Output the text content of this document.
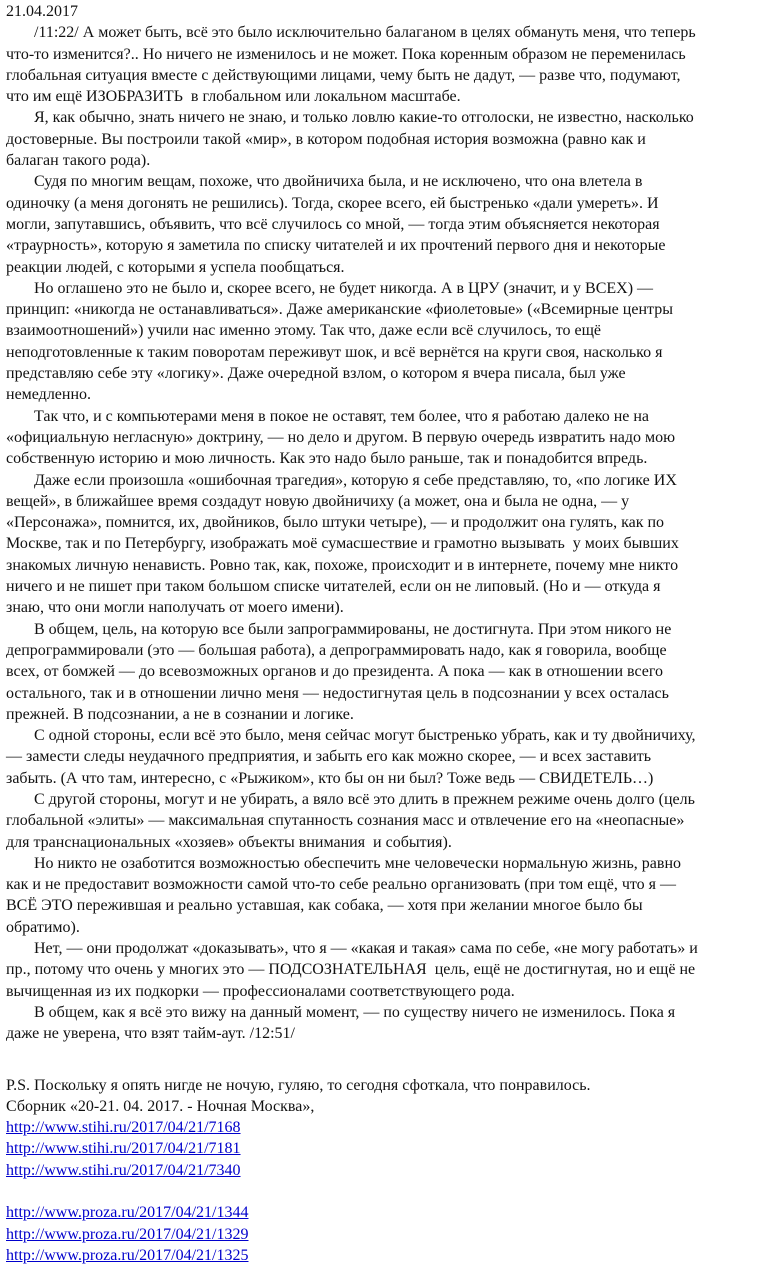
21.04.2017
/11:22/ А может быть, всё это было исключительно балаганом в целях обмануть меня, что теперь
что-то изменится?.. Но ничего не изменилось и не может. Пока коренным образом не переменилась
глобальная ситуация вместе с действующими лицами, чему быть не дадут, — разве что, подумают,
что им ещё ИЗОБРАЗИТЬ  в глобальном или локальном масштабе.
Я, как обычно, знать ничего не знаю, и только ловлю какие-то отголоски, не известно, насколько
достоверные. Вы построили такой «мир», в котором подобная история возможна (равно как и
балаган такого рода).
Судя по многим вещам, похоже, что двойничиха была, и не исключено, что она влетела в
одиночку (а меня догонять не решились). Тогда, скорее всего, ей быстренько «дали умереть». И
могли, запутавшись, объявить, что всё случилось со мной, — тогда этим объясняется некоторая
«траурность», которую я заметила по списку читателей и их прочтений первого дня и некоторые
реакции людей, с которыми я успела пообщаться.
Но оглашено это не было и, скорее всего, не будет никогда. А в ЦРУ (значит, и у ВСЕХ) —
принцип: «никогда не останавливаться». Даже американские «фиолетовые» («Всемирные центры
взаимоотношений») учили нас именно этому. Так что, даже если всё случилось, то ещё
неподготовленные к таким поворотам переживут шок, и всё вернётся на круги своя, насколько я
представляю себе эту «логику». Даже очередной взлом, о котором я вчера писала, был уже
немедленно.
Так что, и с компьютерами меня в покое не оставят, тем более, что я работаю далеко не на
«официальную негласную» доктрину, — но дело и другом. В первую очередь извратить надо мою
собственную историю и мою личность. Как это надо было раньше, так и понадобится впредь.
Даже если произошла «ошибочная трагедия», которую я себе представляю, то, «по логике ИХ
вещей», в ближайшее время создадут новую двойничиху (а может, она и была не одна, — у
«Персонажа», помнится, их, двойников, было штуки четыре), — и продолжит она гулять, как по
Москве, так и по Петербургу, изображать моё сумасшествие и грамотно вызывать  у моих бывших
знакомых личную ненависть. Ровно так, как, похоже, происходит и в интернете, почему мне никто
ничего и не пишет при таком большом списке читателей, если он не липовый. (Но и — откуда я
знаю, что они могли наполучать от моего имени).
В общем, цель, на которую все были запрограммированы, не достигнута. При этом никого не
депрограммировали (это — большая работа), а депрограммировать надо, как я говорила, вообще
всех, от бомжей — до всевозможных органов и до президента. А пока — как в отношении всего
остального, так и в отношении лично меня — недостигнутая цель в подсознании у всех осталась
прежней. В подсознании, а не в сознании и логике.
С одной стороны, если всё это было, меня сейчас могут быстренько убрать, как и ту двойничиху,
— замести следы неудачного предприятия, и забыть его как можно скорее, — и всех заставить
забыть. (А что там, интересно, с «Рыжиком», кто бы он ни был? Тоже ведь — СВИДЕТЕЛЬ…)
С другой стороны, могут и не убирать, а вяло всё это длить в прежнем режиме очень долго (цель
глобальной «элиты» — максимальная спутанность сознания масс и отвлечение его на «неопасные»
для транснациональных «хозяев» объекты внимания  и события).
Но никто не озаботится возможностью обеспечить мне человечески нормальную жизнь, равно
как и не предоставит возможности самой что-то себе реально организовать (при том ещё, что я —
ВСЁ ЭТО пережившая и реально уставшая, как собака, — хотя при желании многое было бы
обратимо).
Нет, — они продолжат «доказывать», что я — «какая и такая» сама по себе, «не могу работать» и
пр., потому что очень у многих это — ПОДСОЗНАТЕЛЬНАЯ  цель, ещё не достигнутая, но и ещё не
вычищенная из их подкорки — профессионалами соответствующего рода.
В общем, как я всё это вижу на данный момент, — по существу ничего не изменилось. Пока я
даже не уверена, что взят тайм-аут. /12:51/
P.S. Поскольку я опять нигде не ночую, гуляю, то сегодня сфоткала, что понравилось.
Сборник «20-21. 04. 2017. - Ночная Москва»,
http://www.stihi.ru/2017/04/21/7168
http://www.stihi.ru/2017/04/21/7181
http://www.stihi.ru/2017/04/21/7340
http://www.proza.ru/2017/04/21/1344
http://www.proza.ru/2017/04/21/1329
http://www.proza.ru/2017/04/21/1325
